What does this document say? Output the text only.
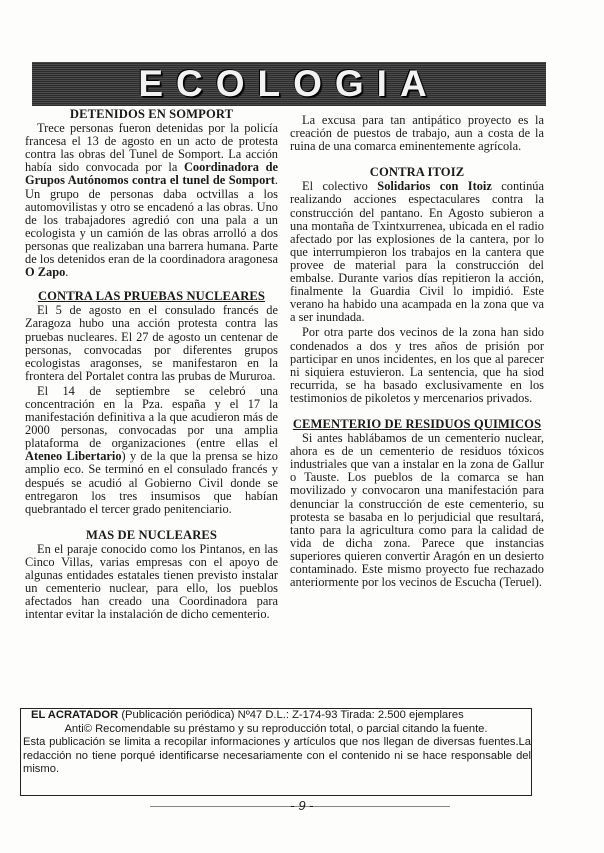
ECOLOGIA
DETENIDOS EN SOMPORT

Trece personas fueron detenidas por la policía francesa el 13 de agosto en un acto de protesta contra las obras del Tunel de Somport. La acción había sido convocada por la Coordinadora de Grupos Autónomos contra el tunel de Somport. Un grupo de personas daba octvillas a los automovilistas y otro se encadenó a las obras. Uno de los trabajadores agredió con una pala a un ecologista y un camión de las obras arrolló a dos personas que realizaban una barrera humana. Parte de los detenidos eran de la coordinadora aragonesa O Zapo.

CONTRA LAS PRUEBAS NUCLEARES

El 5 de agosto en el consulado francés de Zaragoza hubo una acción protesta contra las pruebas nucleares. El 27 de agosto un centenar de personas, convocadas por diferentes grupos ecologistas aragonses, se manifestaron en la frontera del Portalet contra las prubas de Mururoa.

El 14 de septiembre se celebró una concentración en la Pza. españa y el 17 la manifestación definitiva a la que acudieron más de 2000 personas, convocadas por una amplia plataforma de organizaciones (entre ellas el Ateneo Libertario) y de la que la prensa se hizo amplio eco. Se terminó en el consulado francés y después se acudió al Gobierno Civil donde se entregaron los tres insumisos que habían quebrantado el tercer grado penitenciario.

MAS DE NUCLEARES

En el paraje conocido como los Pintanos, en las Cinco Villas, varias empresas con el apoyo de algunas entidades estatales tienen previsto instalar un cementerio nuclear, para ello, los pueblos afectados han creado una Coordinadora para intentar evitar la instalación de dicho cementerio.

La excusa para tan antipático proyecto es la creación de puestos de trabajo, aun a costa de la ruina de una comarca eminentemente agrícola.

CONTRA ITOIZ

El colectivo Solidarios con Itoiz continúa realizando acciones espectaculares contra la construcción del pantano. En Agosto subieron a una montaña de Txintxurrenea, ubicada en el radio afectado por las explosiones de la cantera, por lo que interrumpieron los trabajos en la cantera que provee de material para la construcción del embalse. Durante varios días repitieron la acción, finalmente la Guardia Civil lo impidió. Este verano ha habido una acampada en la zona que va a ser inundada.

Por otra parte dos vecinos de la zona han sido condenados a dos y tres años de prisión por participar en unos incidentes, en los que al parecer ni siquiera estuvieron. La sentencia, que ha siod recurrida, se ha basado exclusivamente en los testimonios de pikoletos y mercenarios privados.

CEMENTERIO DE RESIDUOS QUIMICOS

Si antes hablábamos de un cementerio nuclear, ahora es de un cementerio de residuos tóxicos industriales que van a instalar en la zona de Gallur o Tauste. Los pueblos de la comarca se han movilizado y convocaron una manifestación para denunciar la construcción de este cementerio, su protesta se basaba en lo perjudicial que resultará, tanto para la agricultura como para la calidad de vida de dicha zona. Parece que instancias superiores quieren convertir Aragón en un desierto contaminado. Este mismo proyecto fue rechazado anteriormente por los vecinos de Escucha (Teruel).

EL ACRATADOR (Publicación periódica) Nº47 D.L.: Z-174-93 Tirada: 2.500 ejemplares
Anti© Recomendable su préstamo y su reproducción total, o parcial citando la fuente.
Esta publicación se limita a recopilar informaciones y artículos que nos llegan de diversas fuentes.La redacción no tiene porqué identificarse necesariamente con el contenido ni se hace responsable del mismo.
- 9 -
